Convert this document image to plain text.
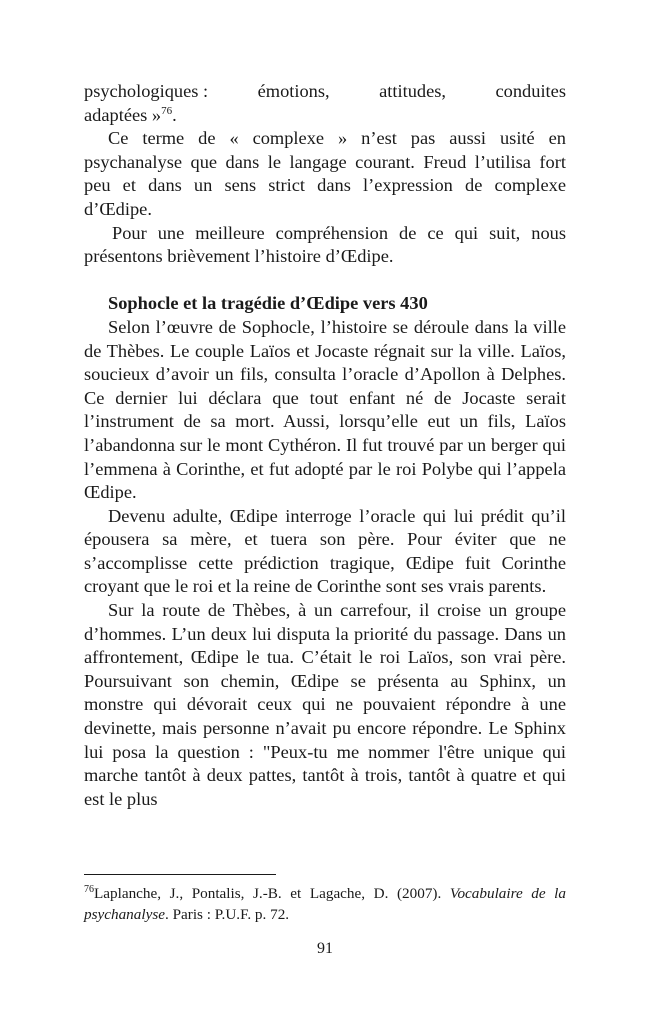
psychologiques :	émotions,	attitudes,	conduites

adaptées »$^{76}$.

Ce terme de « complexe » n’est pas aussi usité en psychanalyse que dans le langage courant. Freud l’utilisa fort peu et dans un sens strict dans l’expression de complexe d’Œdipe.

Pour une meilleure compréhension de ce qui suit, nous présentons brièvement l’histoire d’Œdipe.

Sophocle et la tragédie d’Œdipe vers 430

Selon l’œuvre de Sophocle, l’histoire se déroule dans la ville de Thèbes. Le couple Laïos et Jocaste régnait sur la ville. Laïos, soucieux d’avoir un fils, consulta l’oracle d’Apollon à Delphes. Ce dernier lui déclara que tout enfant né de Jocaste serait l’instrument de sa mort. Aussi, lorsqu’elle eut un fils, Laïos l’abandonna sur le mont Cythéron. Il fut trouvé par un berger qui l’emmena à Corinthe, et fut adopté par le roi Polybe qui l’appela Œdipe.

Devenu adulte, Œdipe interroge l’oracle qui lui prédit qu’il épousera sa mère, et tuera son père. Pour éviter que ne s’accomplisse cette prédiction tragique, Œdipe fuit Corinthe croyant que le roi et la reine de Corinthe sont ses vrais parents.

Sur la route de Thèbes, à un carrefour, il croise un groupe d’hommes. L’un deux lui disputa la priorité du passage. Dans un affrontement, Œdipe le tua. C’était le roi Laïos, son vrai père. Poursuivant son chemin, Œdipe se présenta au Sphinx, un monstre qui dévorait ceux qui ne pouvaient répondre à une devinette, mais personne n’avait pu encore répondre. Le Sphinx lui posa la question : "Peux-tu me nommer l'être unique qui marche tantôt à deux pattes, tantôt à trois, tantôt à quatre et qui est le plus

$^{76}$Laplanche, J., Pontalis, J.-B. et Lagache, D. (2007). Vocabulaire de la psychanalyse. Paris : P.U.F. p. 72.
91
